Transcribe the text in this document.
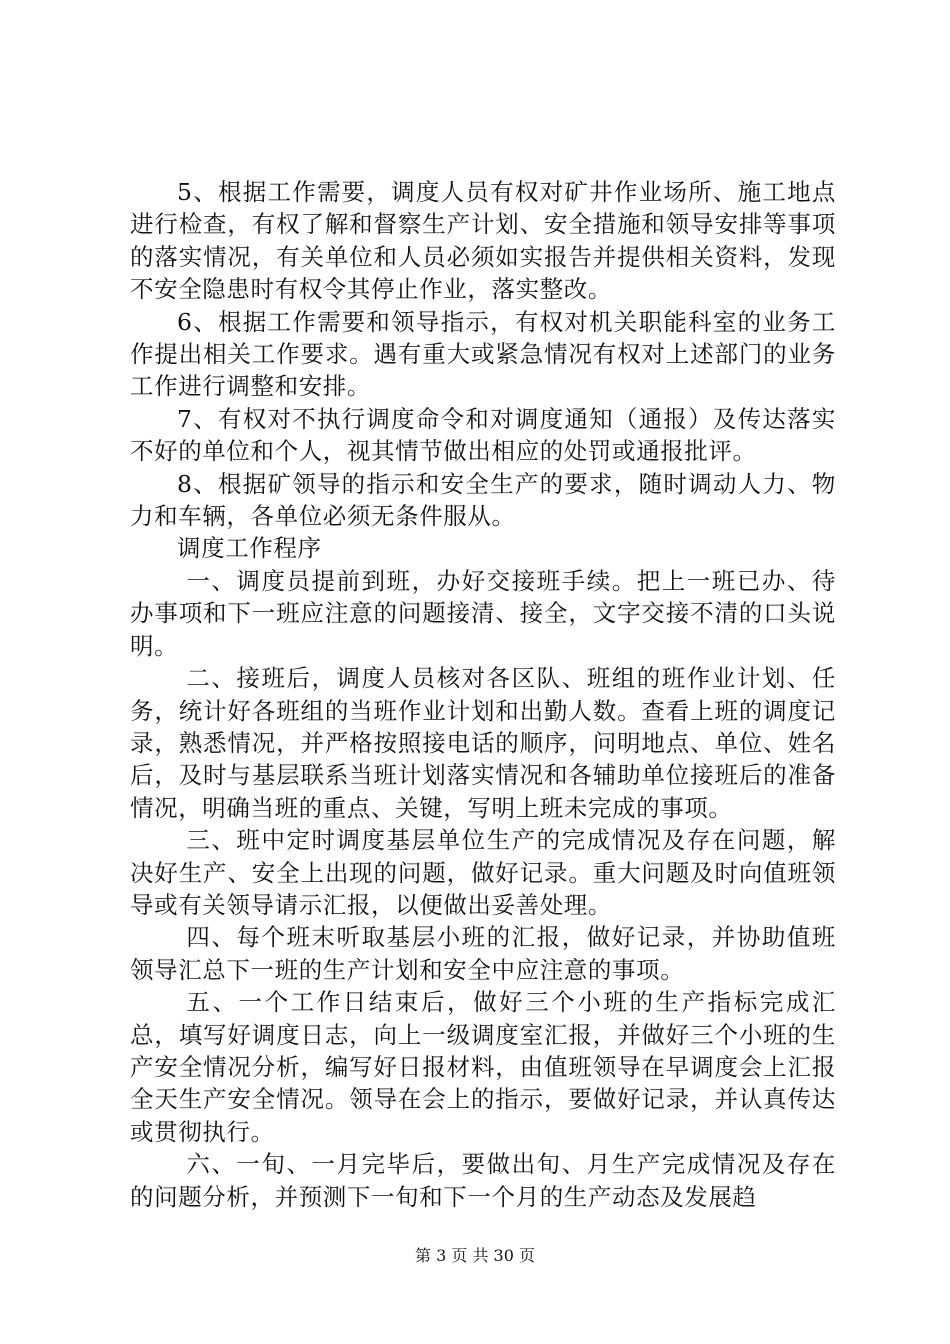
5、根据工作需要，调度人员有权对矿井作业场所、施工地点进行检查，有权了解和督察生产计划、安全措施和领导安排等事项的落实情况，有关单位和人员必须如实报告并提供相关资料，发现不安全隐患时有权令其停止作业，落实整改。

6、根据工作需要和领导指示，有权对机关职能科室的业务工作提出相关工作要求。遇有重大或紧急情况有权对上述部门的业务工作进行调整和安排。

7、有权对不执行调度命令和对调度通知（通报）及传达落实不好的单位和个人，视其情节做出相应的处罚或通报批评。

8、根据矿领导的指示和安全生产的要求，随时调动人力、物力和车辆，各单位必须无条件服从。

调度工作程序

一、调度员提前到班，办好交接班手续。把上一班已办、待办事项和下一班应注意的问题接清、接全，文字交接不清的口头说明。

二、接班后，调度人员核对各区队、班组的班作业计划、任务，统计好各班组的当班作业计划和出勤人数。查看上班的调度记录，熟悉情况，并严格按照接电话的顺序，问明地点、单位、姓名后，及时与基层联系当班计划落实情况和各辅助单位接班后的准备情况，明确当班的重点、关键，写明上班未完成的事项。

三、班中定时调度基层单位生产的完成情况及存在问题，解决好生产、安全上出现的问题，做好记录。重大问题及时向值班领导或有关领导请示汇报，以便做出妥善处理。

四、每个班末听取基层小班的汇报，做好记录，并协助值班领导汇总下一班的生产计划和安全中应注意的事项。

五、一个工作日结束后，做好三个小班的生产指标完成汇总，填写好调度日志，向上一级调度室汇报，并做好三个小班的生产安全情况分析，编写好日报材料，由值班领导在早调度会上汇报全天生产安全情况。领导在会上的指示，要做好记录，并认真传达或贯彻执行。

六、一旬、一月完毕后，要做出旬、月生产完成情况及存在的问题分析，并预测下一旬和下一个月的生产动态及发展趋

第 3 页 共 30 页
